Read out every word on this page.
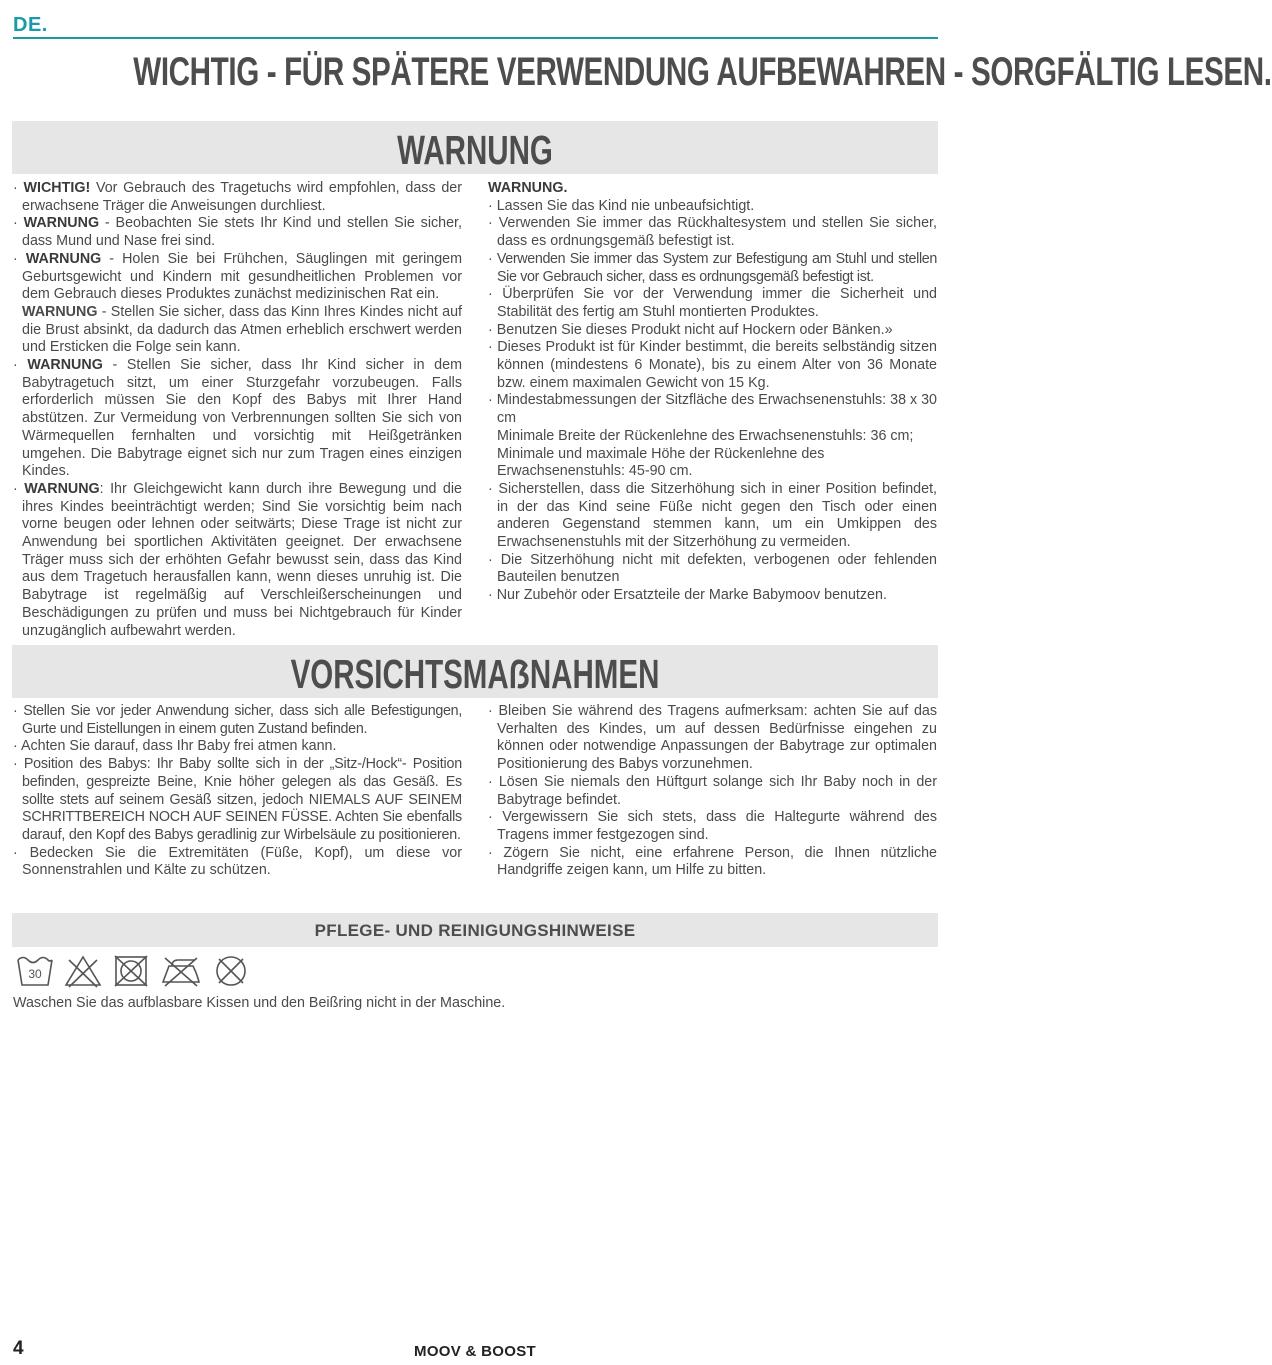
DE.
WICHTIG - FÜR SPÄTERE VERWENDUNG AUFBEWAHREN - SORGFÄLTIG LESEN.
WARNUNG

· WICHTIG! Vor Gebrauch des Tragetuchs wird empfohlen, dass der erwachsene Träger die Anweisungen durchliest.

· WARNUNG - Beobachten Sie stets Ihr Kind und stellen Sie sicher, dass Mund und Nase frei sind.

· WARNUNG - Holen Sie bei Frühchen, Säuglingen mit geringem Geburtsgewicht und Kindern mit gesundheitlichen Problemen vor dem Gebrauch dieses Produktes zunächst medizinischen Rat ein.

WARNUNG - Stellen Sie sicher, dass das Kinn Ihres Kindes nicht auf die Brust absinkt, da dadurch das Atmen erheblich erschwert werden und Ersticken die Folge sein kann.

· WARNUNG - Stellen Sie sicher, dass Ihr Kind sicher in dem Babytragetuch sitzt, um einer Sturzgefahr vorzubeugen. Falls erforderlich müssen Sie den Kopf des Babys mit Ihrer Hand abstützen. Zur Vermeidung von Verbrennungen sollten Sie sich von Wärmequellen fernhalten und vorsichtig mit Heißgetränken umgehen. Die Babytrage eignet sich nur zum Tragen eines einzigen Kindes.

· WARNUNG: Ihr Gleichgewicht kann durch ihre Bewegung und die ihres Kindes beeinträchtigt werden; Sind Sie vorsichtig beim nach vorne beugen oder lehnen oder seitwärts; Diese Trage ist nicht zur Anwendung bei sportlichen Aktivitäten geeignet. Der erwachsene Träger muss sich der erhöhten Gefahr bewusst sein, dass das Kind aus dem Tragetuch herausfallen kann, wenn dieses unruhig ist. Die Babytrage ist regelmäßig auf Verschleißerscheinungen und Beschädigungen zu prüfen und muss bei Nichtgebrauch für Kinder unzugänglich aufbewahrt werden.

WARNUNG.

· Lassen Sie das Kind nie unbeaufsichtigt.

· Verwenden Sie immer das Rückhaltesystem und stellen Sie sicher, dass es ordnungsgemäß befestigt ist.

· Verwenden Sie immer das System zur Befestigung am Stuhl und stellen Sie vor Gebrauch sicher, dass es ordnungsgemäß befestigt ist.

· Überprüfen Sie vor der Verwendung immer die Sicherheit und Stabilität des fertig am Stuhl montierten Produktes.

· Benutzen Sie dieses Produkt nicht auf Hockern oder Bänken.»

· Dieses Produkt ist für Kinder bestimmt, die bereits selbständig sitzen können (mindestens 6 Monate), bis zu einem Alter von 36 Monate bzw. einem maximalen Gewicht von 15 Kg.

· Mindestabmessungen der Sitzfläche des Erwachsenenstuhls: 38 x 30 cm

Minimale Breite der Rückenlehne des Erwachsenenstuhls: 36 cm; Minimale und maximale Höhe der Rückenlehne des Erwachsenenstuhls: 45-90 cm.

· Sicherstellen, dass die Sitzerhöhung sich in einer Position befindet, in der das Kind seine Füße nicht gegen den Tisch oder einen anderen Gegenstand stemmen kann, um ein Umkippen des Erwachsenenstuhls mit der Sitzerhöhung zu vermeiden.

· Die Sitzerhöhung nicht mit defekten, verbogenen oder fehlenden Bauteilen benutzen

· Nur Zubehör oder Ersatzteile der Marke Babymoov benutzen.

VORSICHTSMAẞNAHMEN

· Stellen Sie vor jeder Anwendung sicher, dass sich alle Befestigungen, Gurte und Eistellungen in einem guten Zustand befinden.

· Achten Sie darauf, dass Ihr Baby frei atmen kann.

· Position des Babys: Ihr Baby sollte sich in der „Sitz-/Hock“- Position befinden, gespreizte Beine, Knie höher gelegen als das Gesäß. Es sollte stets auf seinem Gesäß sitzen, jedoch NIEMALS AUF SEINEM SCHRITTBEREICH NOCH AUF SEINEN FÜSSE. Achten Sie ebenfalls darauf, den Kopf des Babys geradlinig zur Wirbelsäule zu positionieren.

· Bedecken Sie die Extremitäten (Füße, Kopf), um diese vor Sonnenstrahlen und Kälte zu schützen.

· Bleiben Sie während des Tragens aufmerksam: achten Sie auf das Verhalten des Kindes, um auf dessen Bedürfnisse eingehen zu können oder notwendige Anpassungen der Babytrage zur optimalen Positionierung des Babys vorzunehmen.

· Lösen Sie niemals den Hüftgurt solange sich Ihr Baby noch in der Babytrage befindet.

· Vergewissern Sie sich stets, dass die Haltegurte während des Tragens immer festgezogen sind.

· Zögern Sie nicht, eine erfahrene Person, die Ihnen nützliche Handgriffe zeigen kann, um Hilfe zu bitten.

PFLEGE- UND REINIGUNGSHINWEISE
30
Waschen Sie das aufblasbare Kissen und den Beißring nicht in der Maschine.
4	MOOV & BOOST
